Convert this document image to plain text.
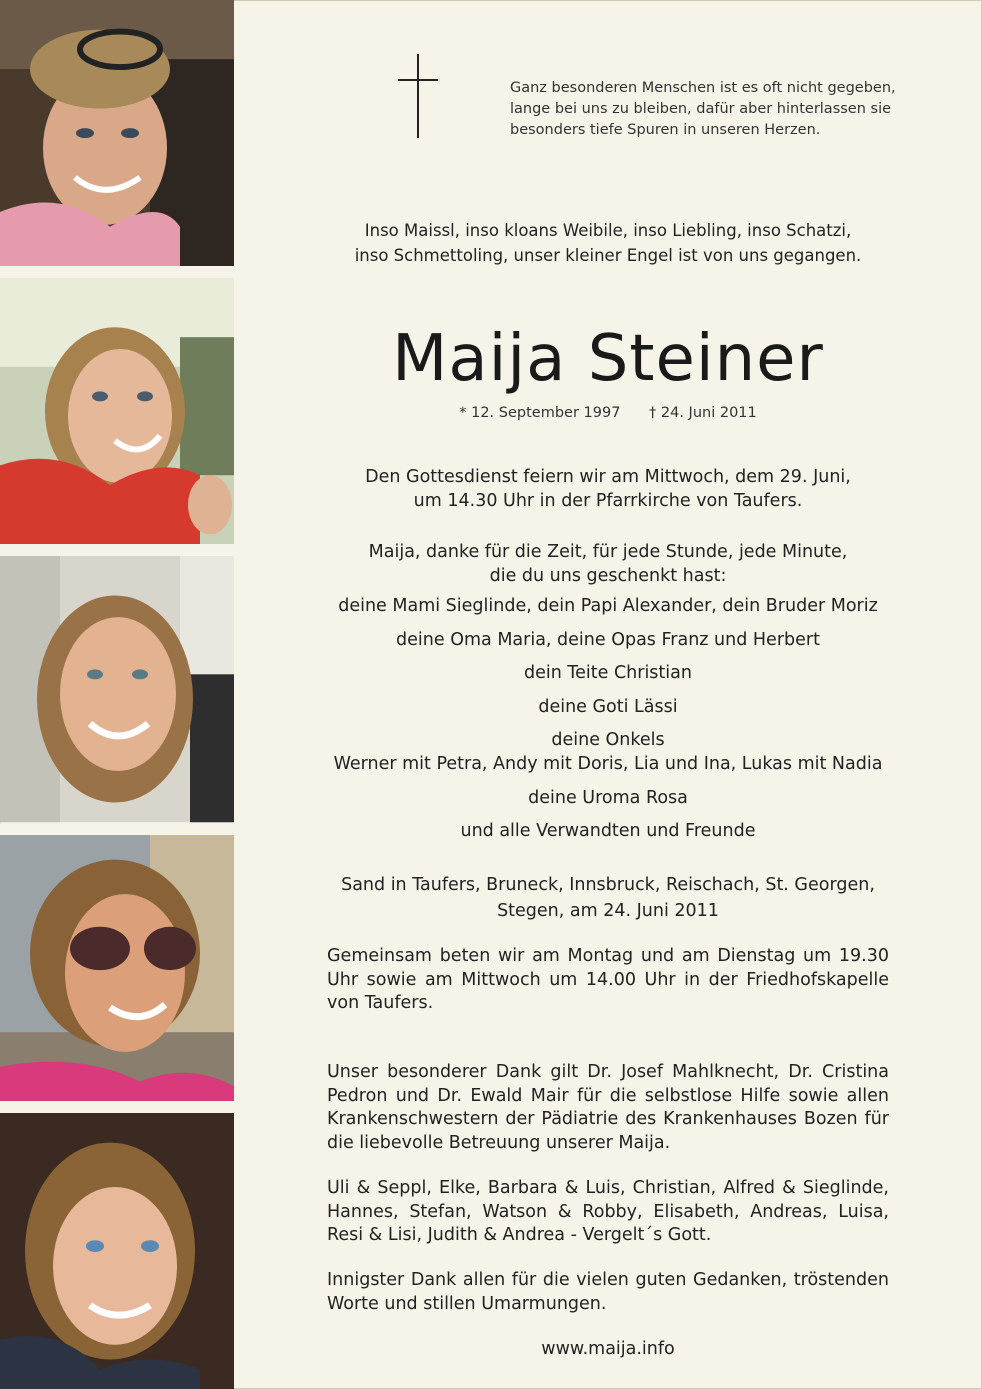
Ganz besonderen Menschen ist es oft nicht gegeben, lange bei uns zu bleiben, dafür aber hinterlassen sie besonders tiefe Spuren in unseren Herzen.
Inso Maissl, inso kloans Weibile, inso Liebling, inso Schatzi,
inso Schmettoling, unser kleiner Engel ist von uns gegangen.
Maija Steiner
* 12. September 1997 † 24. Juni 2011
Den Gottesdienst feiern wir am Mittwoch, dem 29. Juni,
um 14.30 Uhr in der Pfarrkirche von Taufers.
Maija, danke für die Zeit, für jede Stunde, jede Minute,
die du uns geschenkt hast:

deine Mami Sieglinde, dein Papi Alexander, dein Bruder Moriz

deine Oma Maria, deine Opas Franz und Herbert

dein Teite Christian

deine Goti Lässi

deine Onkels

Werner mit Petra, Andy mit Doris, Lia und Ina, Lukas mit Nadia

deine Uroma Rosa

und alle Verwandten und Freunde

Sand in Taufers, Bruneck, Innsbruck, Reischach, St. Georgen,
Stegen, am 24. Juni 2011
Gemeinsam beten wir am Montag und am Dienstag um 19.30 Uhr sowie am Mittwoch um 14.00 Uhr in der Friedhofskapelle von Taufers.
Unser besonderer Dank gilt Dr. Josef Mahlknecht, Dr. Cristina Pedron und Dr. Ewald Mair für die selbstlose Hilfe sowie allen Krankenschwestern der Pädiatrie des Krankenhauses Bozen für die liebevolle Betreuung unserer Maija.
Uli & Seppl, Elke, Barbara & Luis, Christian, Alfred & Sieglinde, Hannes, Stefan, Watson & Robby, Elisabeth, Andreas, Luisa, Resi & Lisi, Judith & Andrea - Vergelt´s Gott.
Innigster Dank allen für die vielen guten Gedanken, tröstenden Worte und stillen Umarmungen.
www.maija.info
